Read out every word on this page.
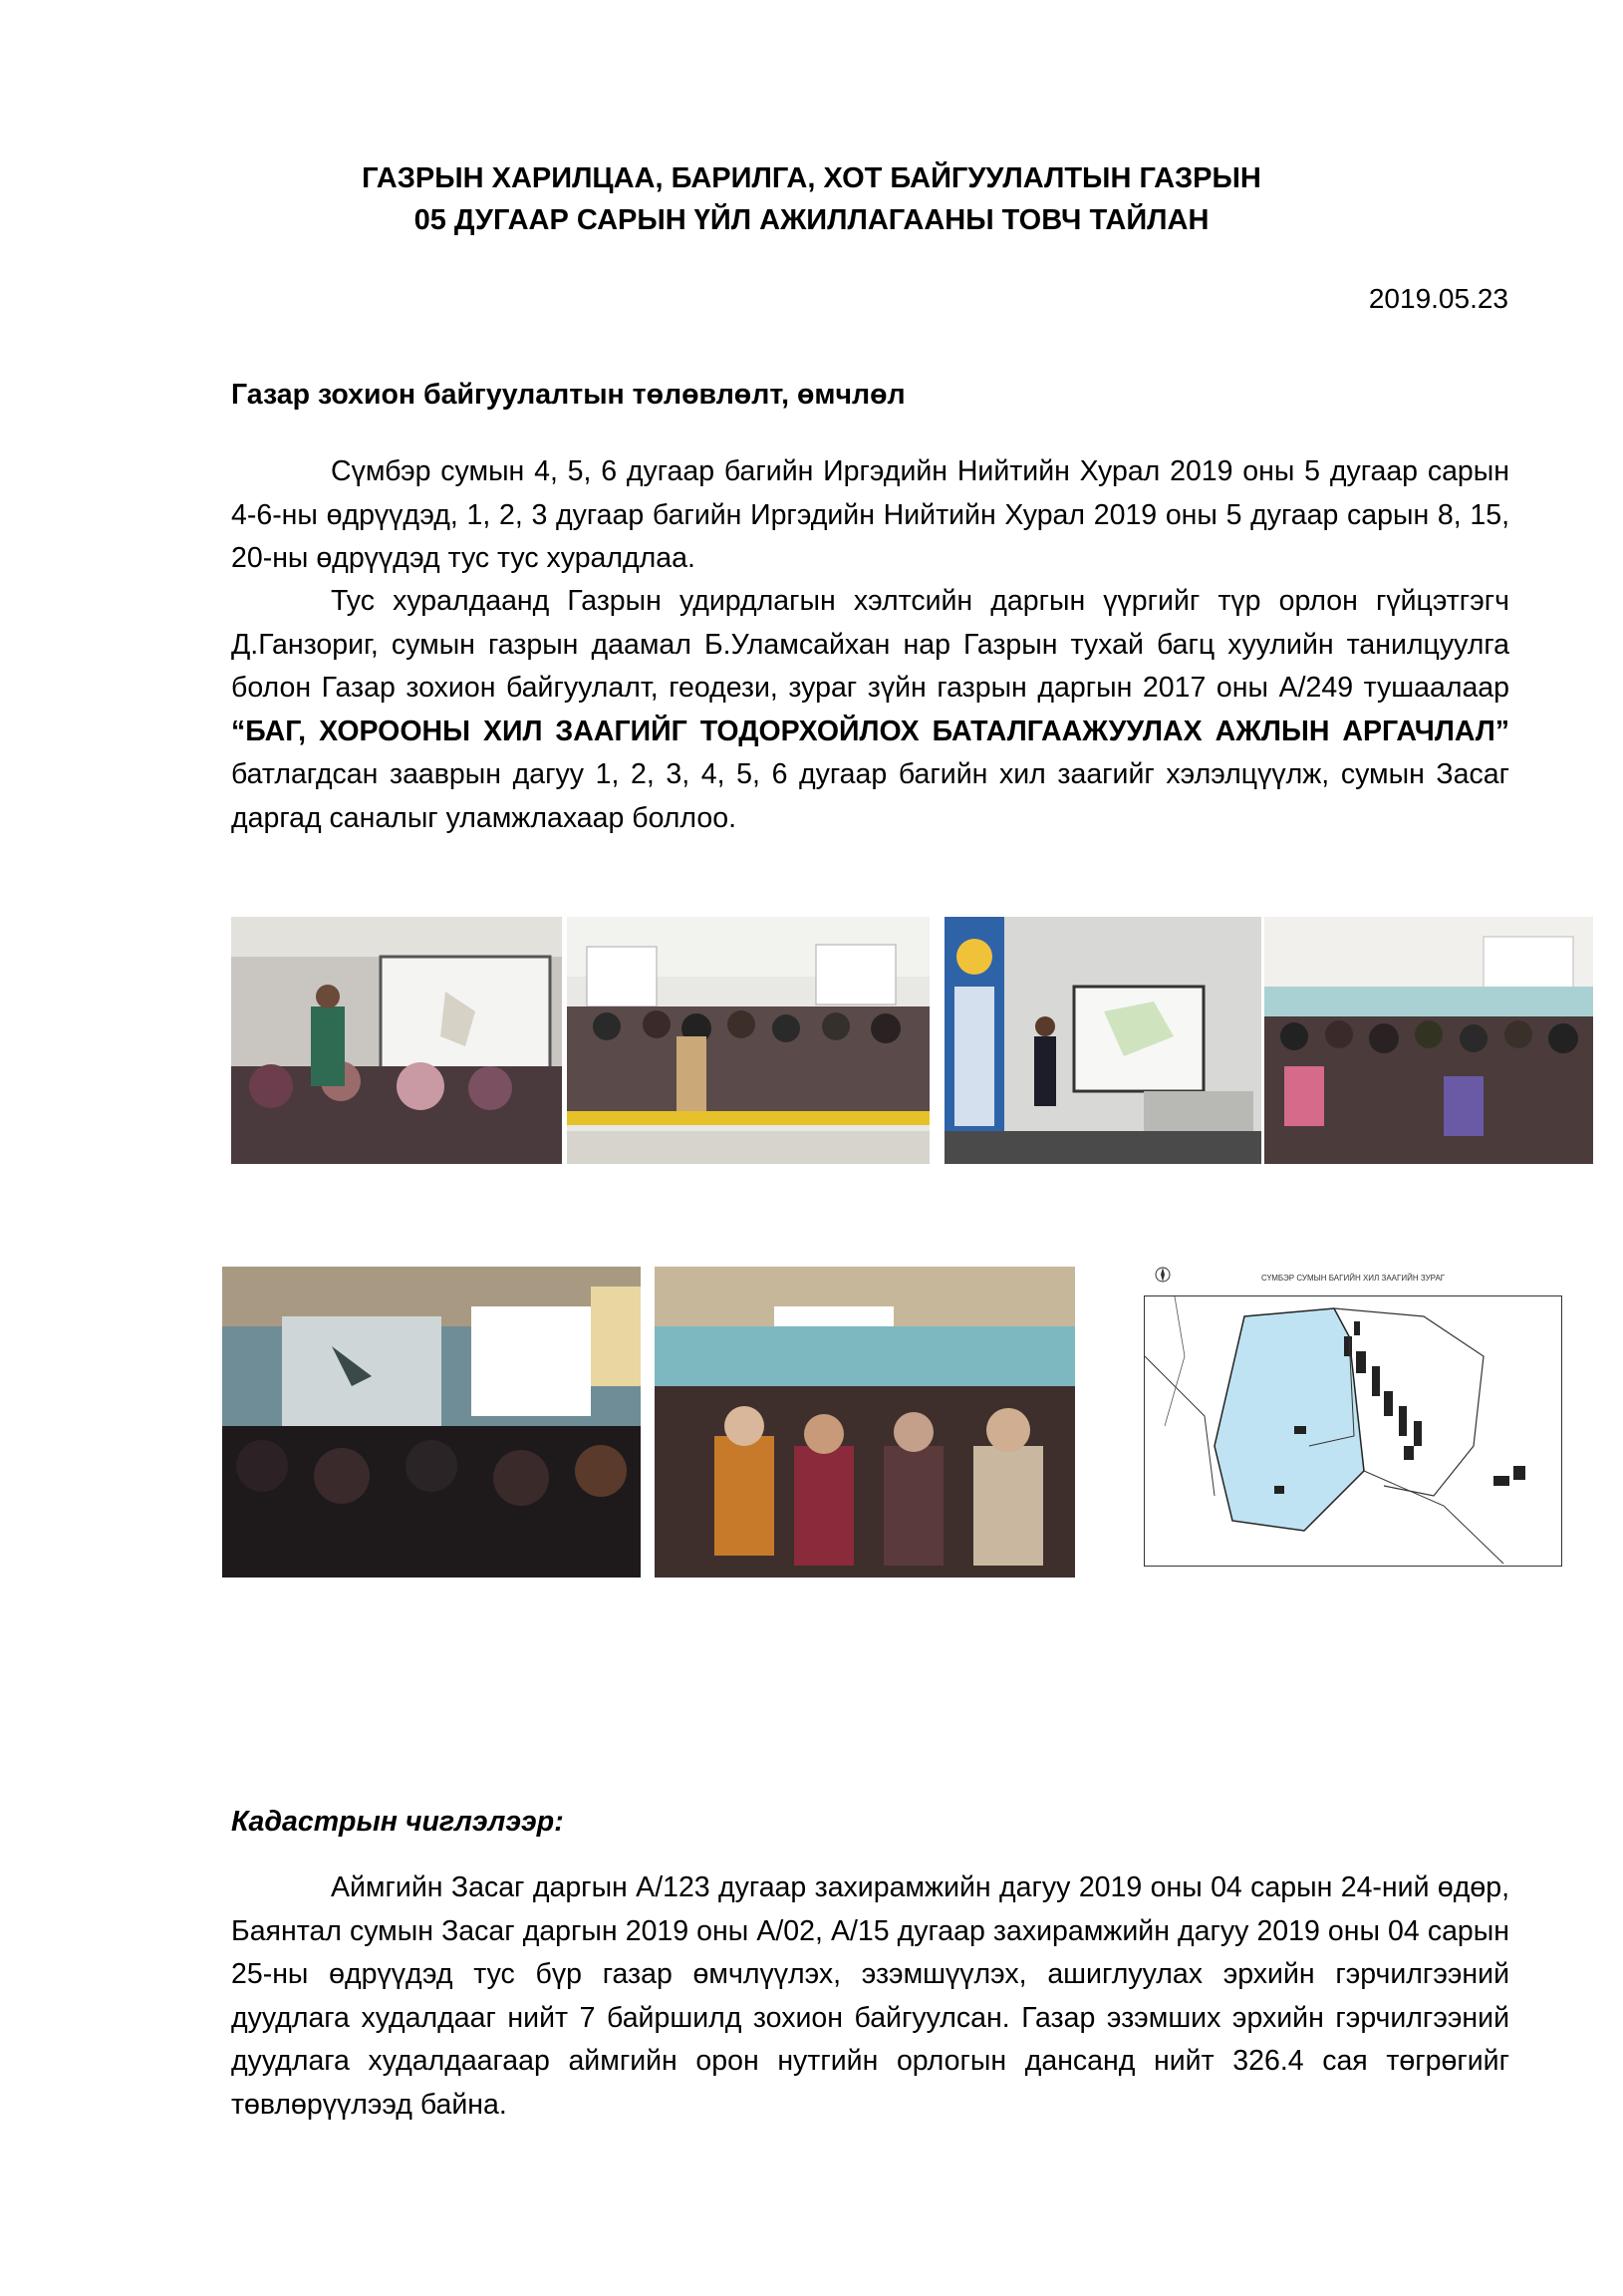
ГАЗРЫН ХАРИЛЦАА, БАРИЛГА, ХОТ БАЙГУУЛАЛТЫН ГАЗРЫН
05 ДУГААР САРЫН ҮЙЛ АЖИЛЛАГААНЫ ТОВЧ ТАЙЛАН
2019.05.23
Газар зохион байгуулалтын төлөвлөлт, өмчлөл

Сүмбэр сумын 4, 5, 6 дугаар багийн Иргэдийн Нийтийн Хурал 2019 оны 5 дугаар сарын 4-6-ны өдрүүдэд, 1, 2, 3 дугаар багийн Иргэдийн Нийтийн Хурал 2019 оны 5 дугаар сарын 8, 15, 20-ны өдрүүдэд тус тус хуралдлаа.

Тус хуралдаанд Газрын удирдлагын хэлтсийн даргын үүргийг түр орлон гүйцэтгэгч Д.Ганзориг, сумын газрын даамал Б.Уламсайхан нар Газрын тухай багц хуулийн танилцуулга болон Газар зохион байгуулалт, геодези, зураг зүйн газрын даргын 2017 оны А/249 тушаалаар “БАГ, ХОРООНЫ ХИЛ ЗААГИЙГ ТОДОРХОЙЛОХ БАТАЛГААЖУУЛАХ АЖЛЫН АРГАЧЛАЛ” батлагдсан зааврын дагуу 1, 2, 3, 4, 5, 6 дугаар багийн хил заагийг хэлэлцүүлж, сумын Засаг даргад саналыг уламжлахаар боллоо.

СҮМБЭР СУМЫН БАГИЙН ХИЛ ЗААГИЙН ЗУРАГ
Кадастрын чиглэлээр:

Аймгийн Засаг даргын А/123 дугаар захирамжийн дагуу 2019 оны 04 сарын 24-ний өдөр, Баянтал сумын Засаг даргын 2019 оны А/02, А/15 дугаар захирамжийн дагуу 2019 оны 04 сарын 25-ны өдрүүдэд тус бүр газар өмчлүүлэх, эзэмшүүлэх, ашиглуулах эрхийн гэрчилгээний дуудлага худалдааг нийт 7 байршилд зохион байгуулсан. Газар эзэмших эрхийн гэрчилгээний дуудлага худалдаагаар аймгийн орон нутгийн орлогын дансанд нийт 326.4 сая төгрөгийг төвлөрүүлээд байна.
